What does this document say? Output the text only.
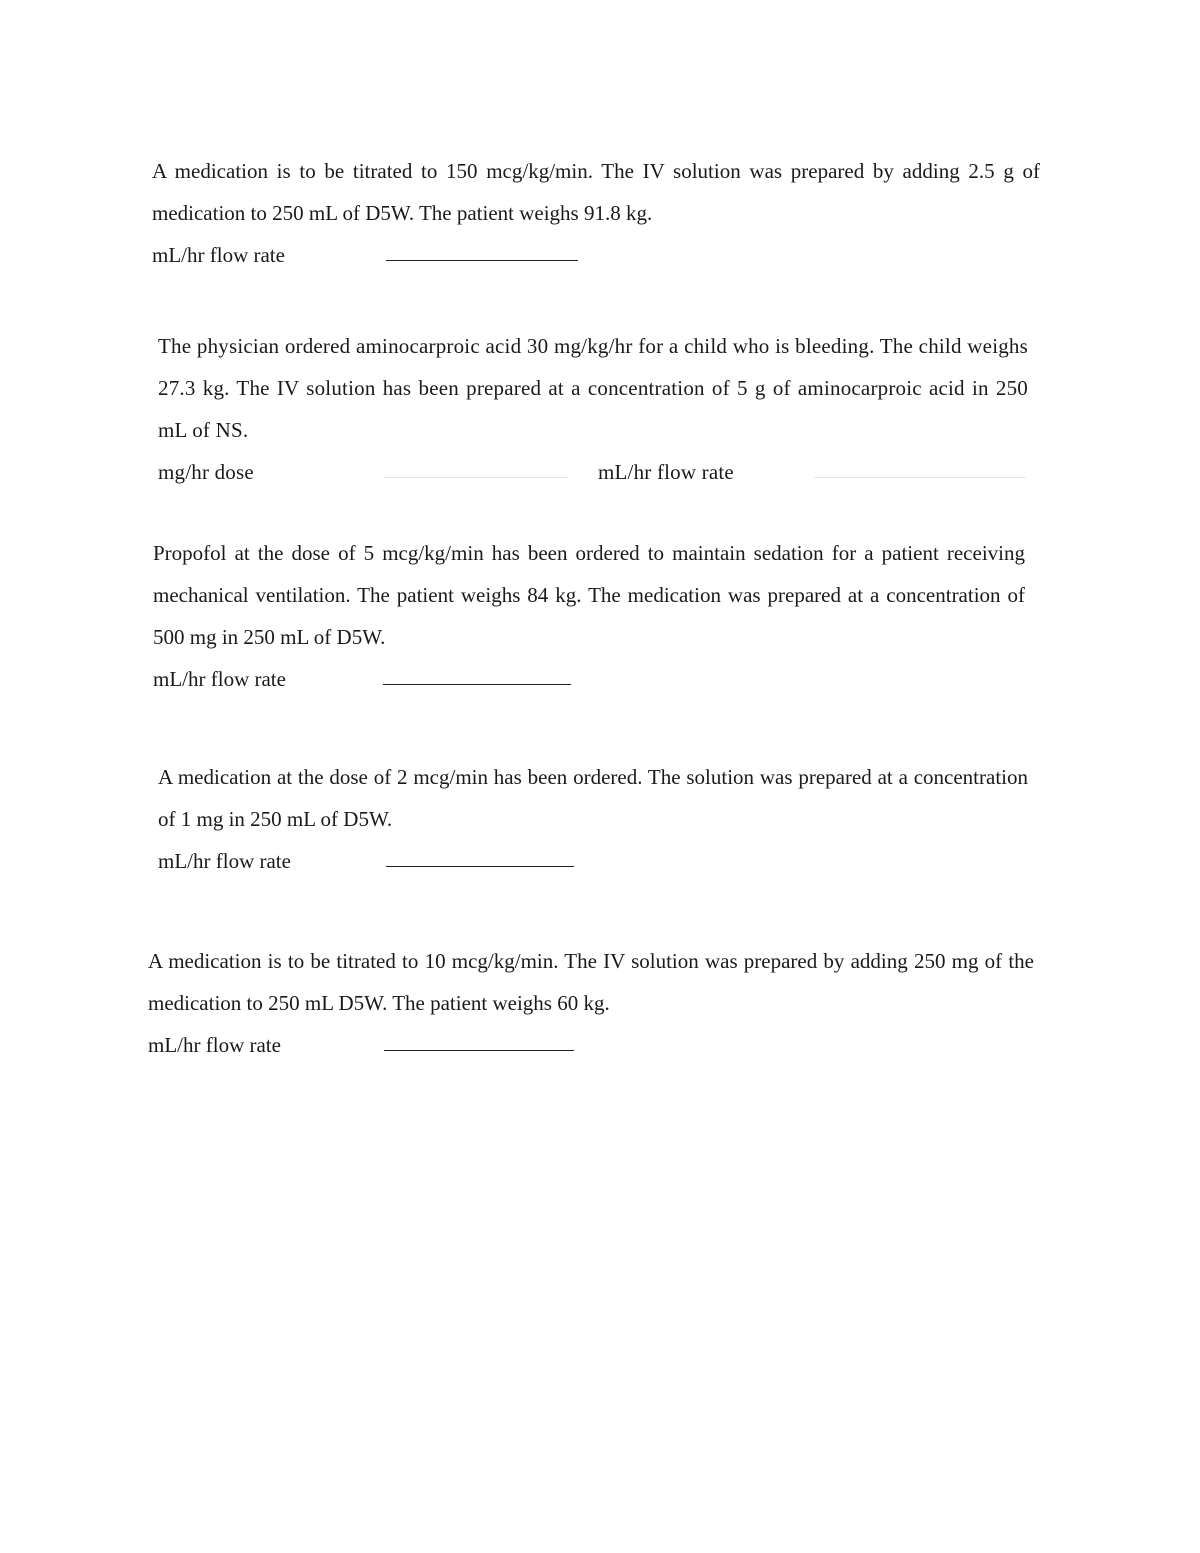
A medication is to be titrated to 150 mcg/kg/min. The IV solution was prepared by adding 2.5 g of medication to 250 mL of D5W. The patient weighs 91.8 kg.

mL/hr flow rate

The physician ordered aminocarproic acid 30 mg/kg/hr for a child who is bleeding. The child weighs 27.3 kg. The IV solution has been prepared at a concentration of 5 g of aminocarproic acid in 250 mL of NS.

mg/hr dose	mL/hr flow rate

Propofol at the dose of 5 mcg/kg/min has been ordered to maintain sedation for a patient receiving mechanical ventilation. The patient weighs 84 kg. The medication was prepared at a concentration of 500 mg in 250 mL of D5W.

mL/hr flow rate

A medication at the dose of 2 mcg/min has been ordered. The solution was prepared at a concentration of 1 mg in 250 mL of D5W.

mL/hr flow rate

A medication is to be titrated to 10 mcg/kg/min. The IV solution was prepared by adding 250 mg of the medication to 250 mL D5W. The patient weighs 60 kg.

mL/hr flow rate
